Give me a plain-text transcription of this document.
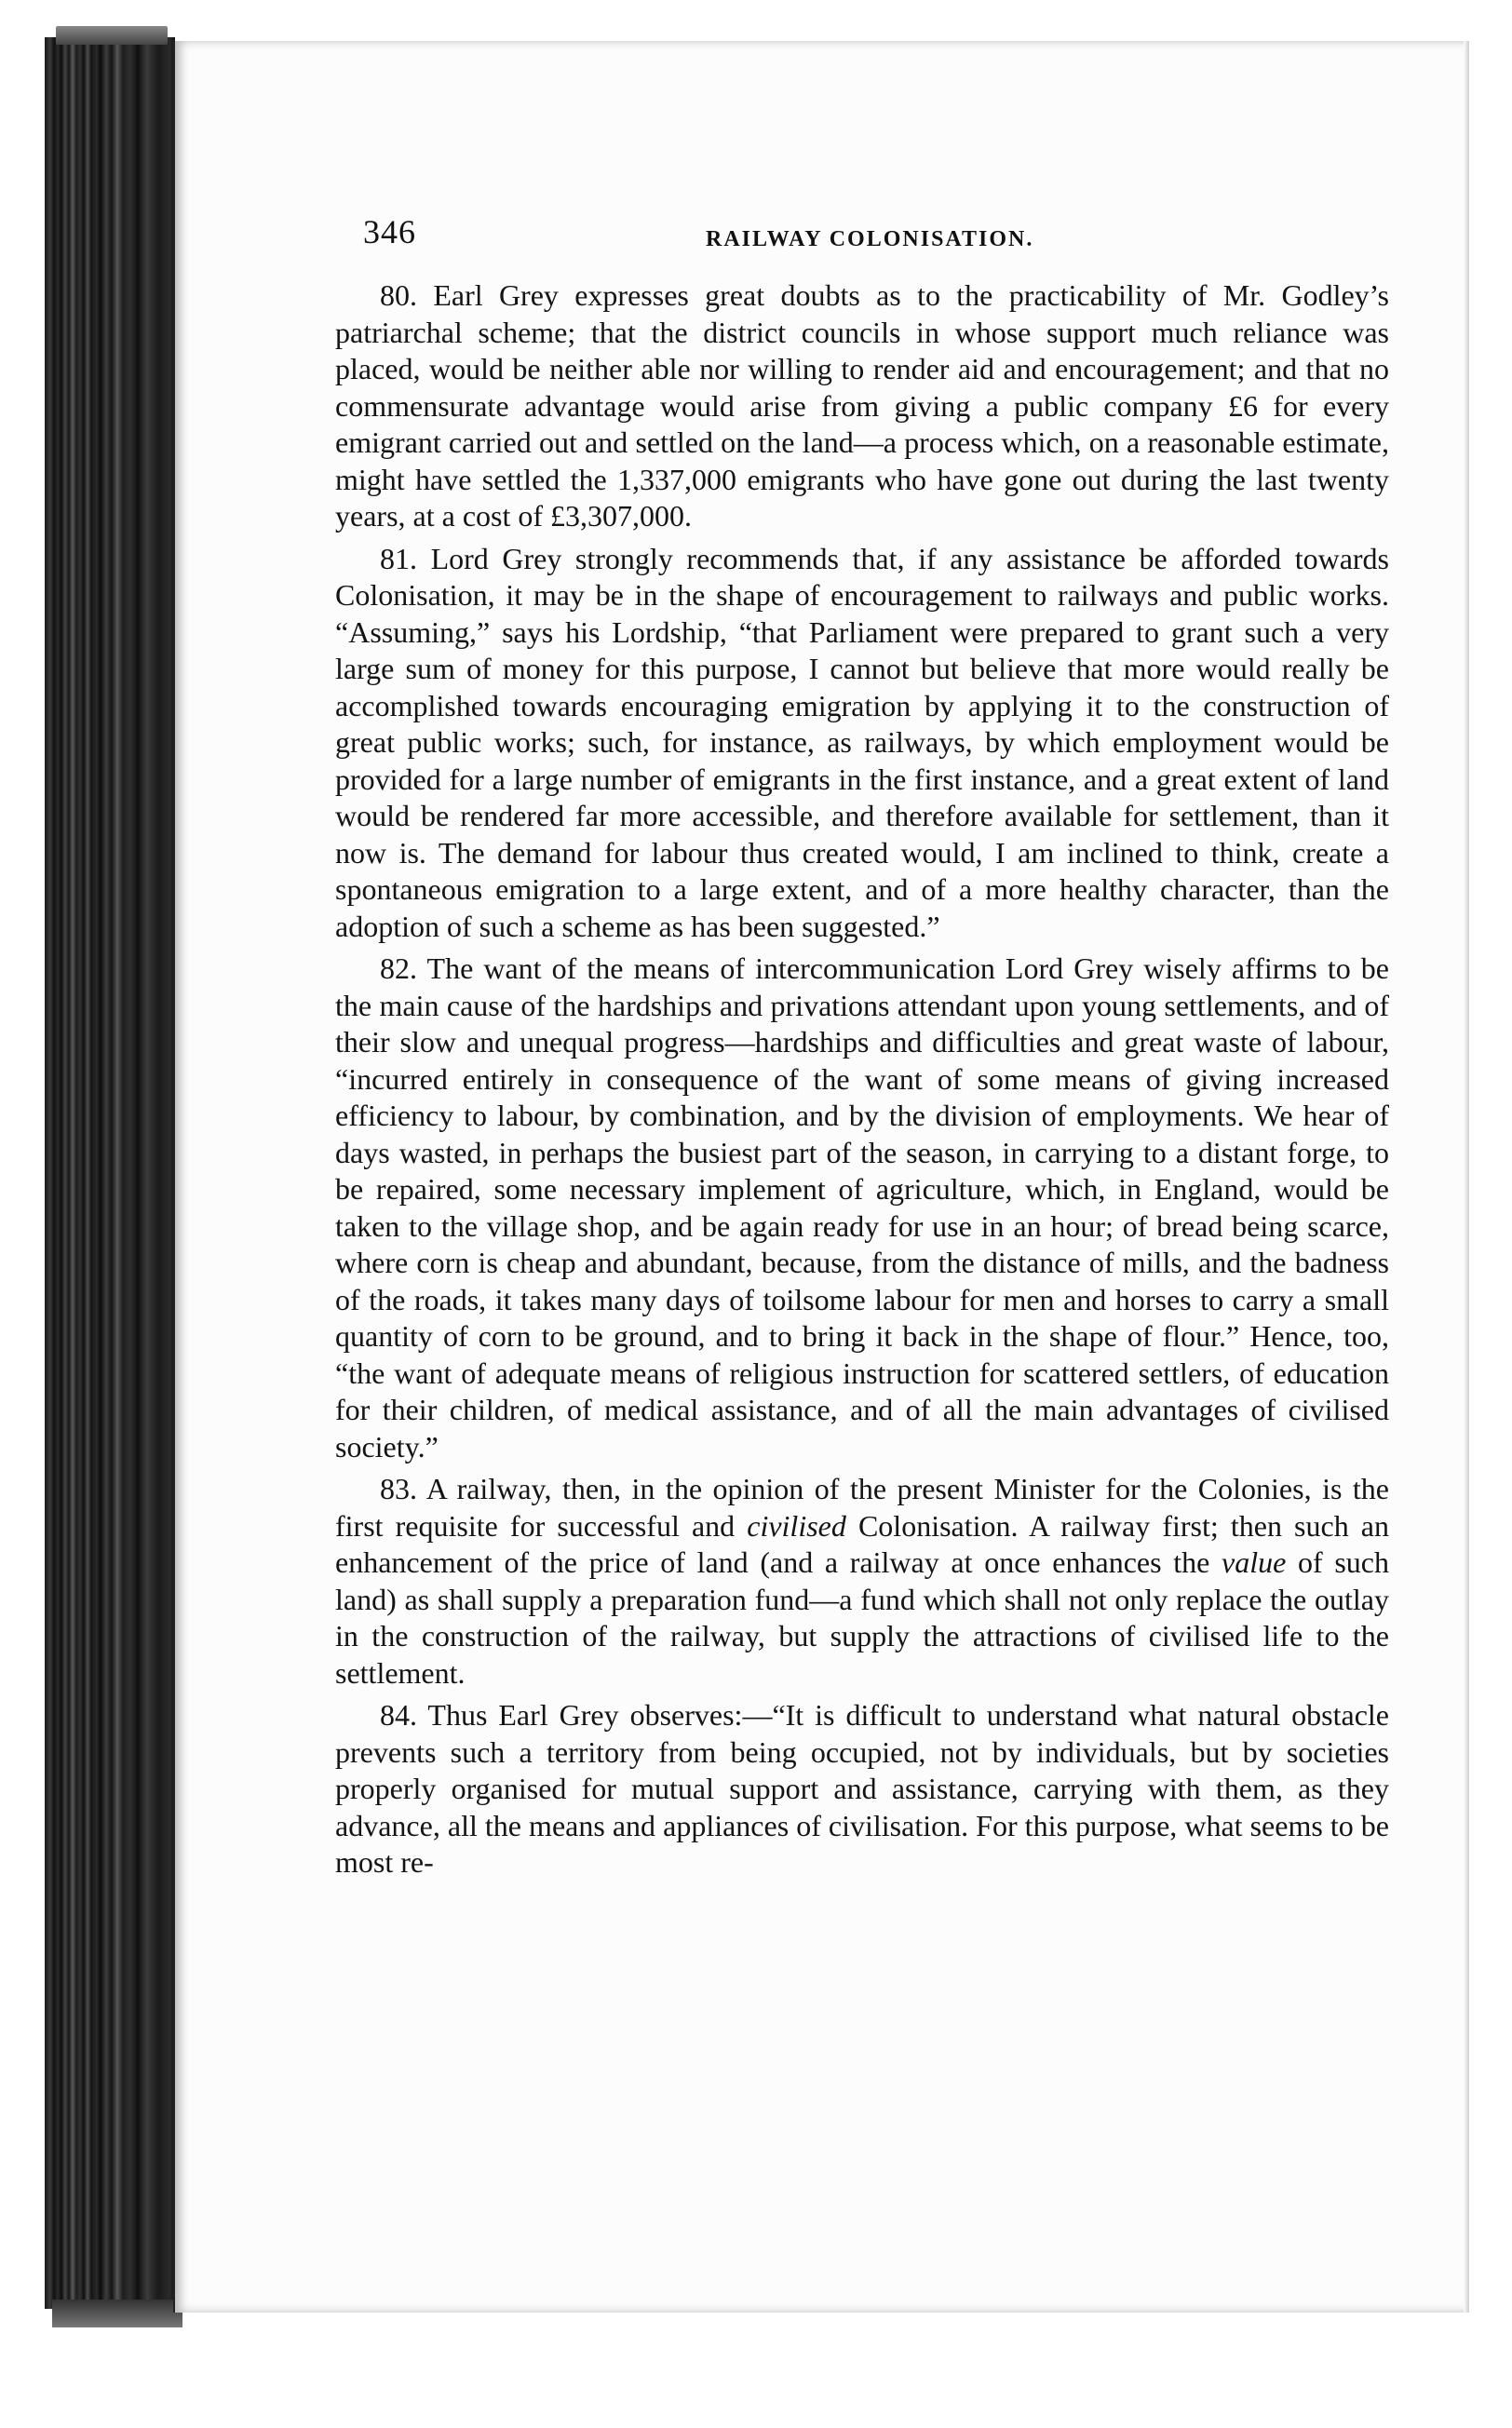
346	RAILWAY COLONISATION.

80. Earl Grey expresses great doubts as to the practicability of Mr. Godley’s patriarchal scheme; that the district councils in whose support much reliance was placed, would be neither able nor willing to render aid and encouragement; and that no commensurate advantage would arise from giving a public company £6 for every emigrant carried out and settled on the land—a process which, on a reasonable estimate, might have settled the 1,337,000 emigrants who have gone out during the last twenty years, at a cost of £3,307,000.

81. Lord Grey strongly recommends that, if any assistance be afforded towards Colonisation, it may be in the shape of encouragement to railways and public works. “Assuming,” says his Lordship, “that Parliament were prepared to grant such a very large sum of money for this purpose, I cannot but believe that more would really be accomplished towards encouraging emigration by applying it to the construction of great public works; such, for instance, as railways, by which employment would be provided for a large number of emigrants in the first instance, and a great extent of land would be rendered far more accessible, and therefore available for settlement, than it now is. The demand for labour thus created would, I am inclined to think, create a spontaneous emigration to a large extent, and of a more healthy character, than the adoption of such a scheme as has been suggested.”

82. The want of the means of intercommunication Lord Grey wisely affirms to be the main cause of the hardships and privations attendant upon young settlements, and of their slow and unequal progress—hardships and difficulties and great waste of labour, “incurred entirely in consequence of the want of some means of giving increased efficiency to labour, by combination, and by the division of employments. We hear of days wasted, in perhaps the busiest part of the season, in carrying to a distant forge, to be repaired, some necessary implement of agriculture, which, in England, would be taken to the village shop, and be again ready for use in an hour; of bread being scarce, where corn is cheap and abundant, because, from the distance of mills, and the badness of the roads, it takes many days of toilsome labour for men and horses to carry a small quantity of corn to be ground, and to bring it back in the shape of flour.” Hence, too, “the want of adequate means of religious instruction for scattered settlers, of education for their children, of medical assistance, and of all the main advantages of civilised society.”

83. A railway, then, in the opinion of the present Minister for the Colonies, is the first requisite for successful and civilised Colonisation. A railway first; then such an enhancement of the price of land (and a railway at once enhances the value of such land) as shall supply a preparation fund—a fund which shall not only replace the outlay in the construction of the railway, but supply the attractions of civilised life to the settlement.

84. Thus Earl Grey observes:—“It is difficult to understand what natural obstacle prevents such a territory from being occupied, not by individuals, but by societies properly organised for mutual support and assistance, carrying with them, as they advance, all the means and appliances of civilisation. For this purpose, what seems to be most re-
